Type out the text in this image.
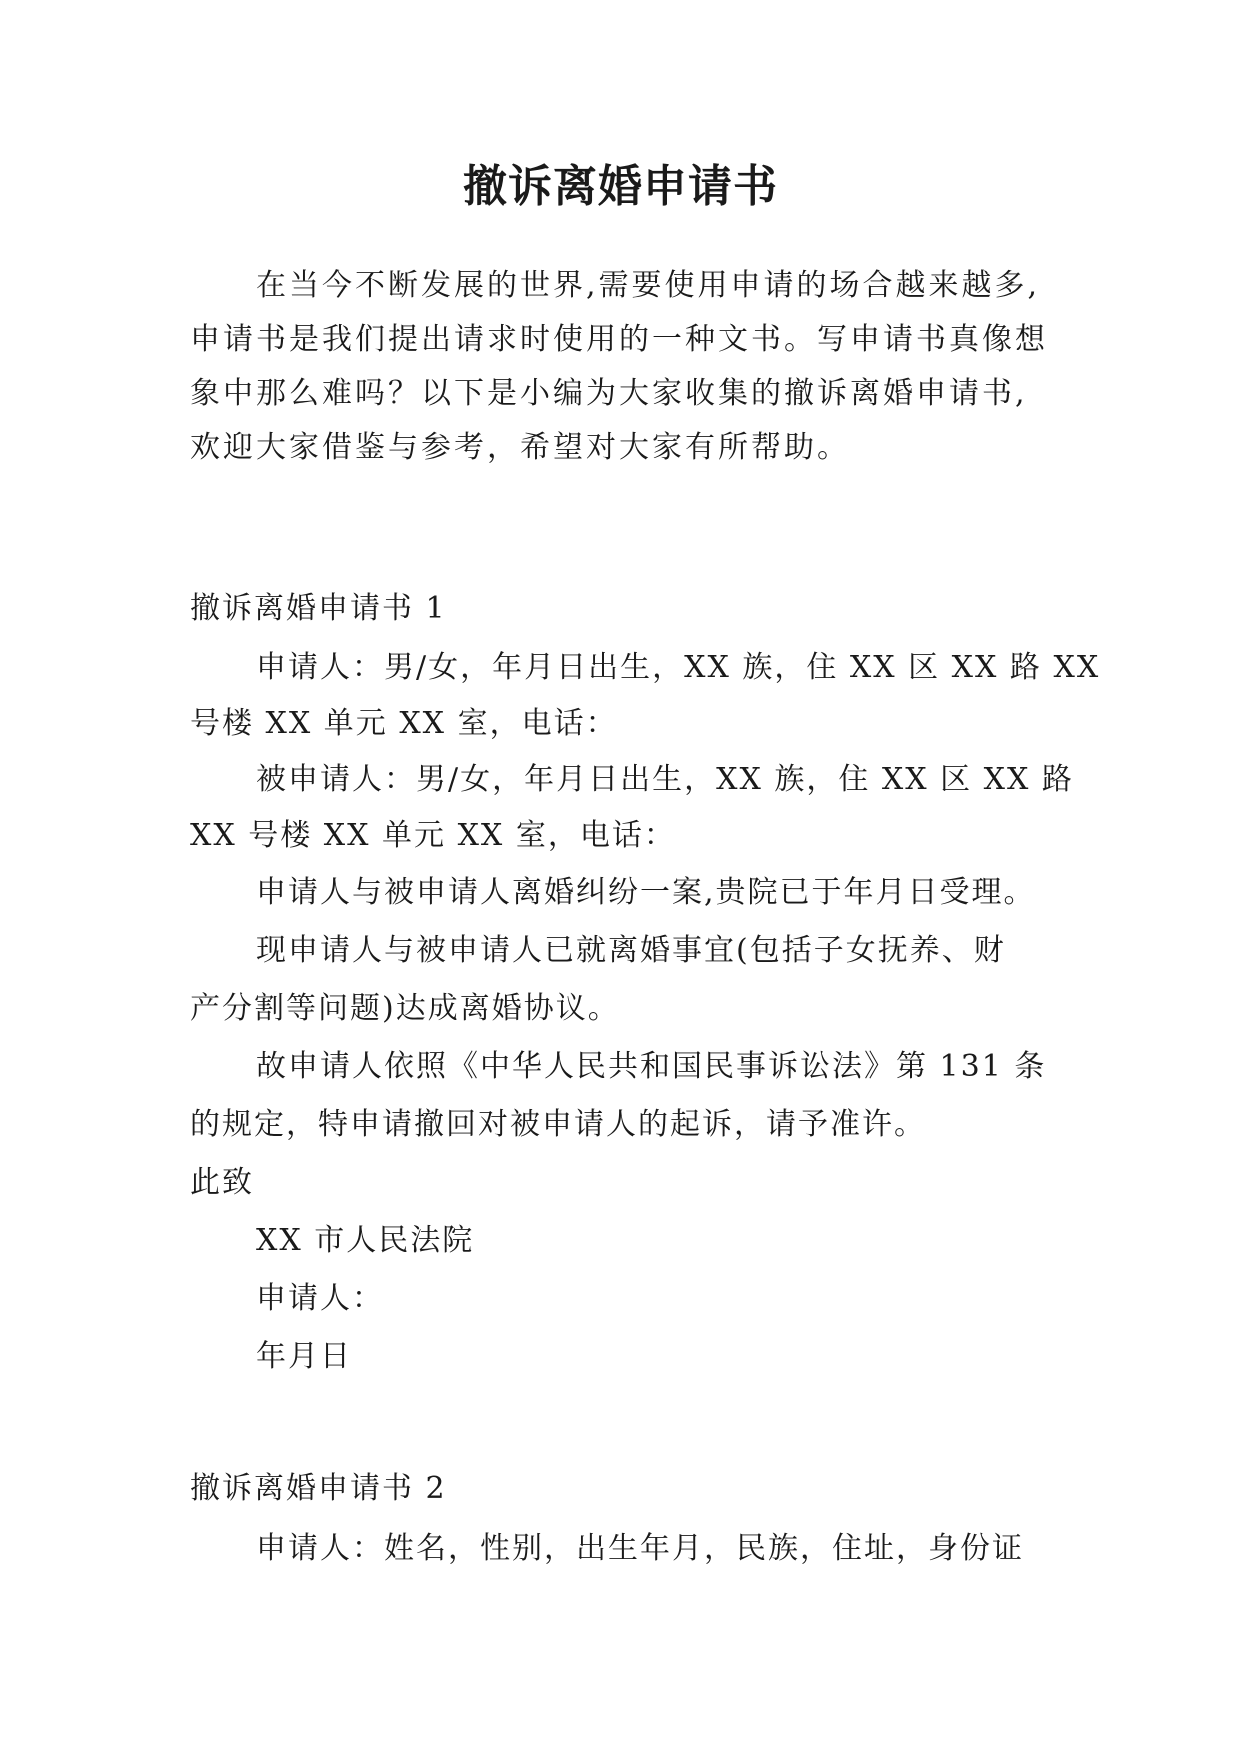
撤诉离婚申请书
在当今不断发展的世界,需要使用申请的场合越来越多,
申请书是我们提出请求时使用的一种文书。写申请书真像想
象中那么难吗？以下是小编为大家收集的撤诉离婚申请书,
欢迎大家借鉴与参考，希望对大家有所帮助。
撤诉离婚申请书 1
申请人：男/女，年月日出生，XX 族，住 XX 区 XX 路 XX
号楼 XX 单元 XX 室，电话：
被申请人：男/女，年月日出生，XX 族，住 XX 区 XX 路
XX 号楼 XX 单元 XX 室，电话：
申请人与被申请人离婚纠纷一案,贵院已于年月日受理。
现申请人与被申请人已就离婚事宜(包括子女抚养、财
产分割等问题)达成离婚协议。
故申请人依照《中华人民共和国民事诉讼法》第 131 条
的规定，特申请撤回对被申请人的起诉，请予准许。
此致
XX 市人民法院
申请人：
年月日
撤诉离婚申请书 2
申请人：姓名，性别，出生年月，民族，住址，身份证
